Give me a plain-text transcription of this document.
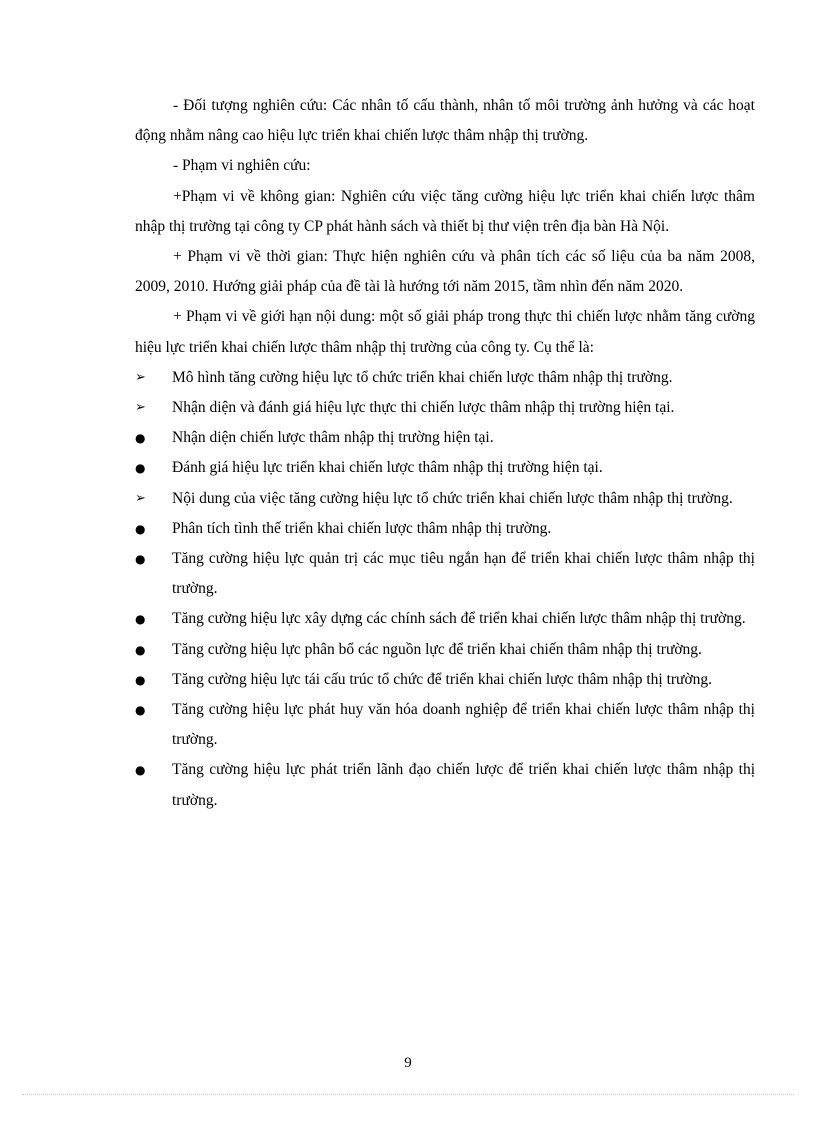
- Đối tượng nghiên cứu: Các nhân tố cấu thành, nhân tố môi trường ảnh hưởng và các hoạt động nhằm nâng cao hiệu lực triển khai chiến lược thâm nhập thị trường.

- Phạm vi nghiên cứu:

+Phạm vi về không gian: Nghiên cứu việc tăng cường hiệu lực triển khai chiến lược thâm nhập thị trường tại công ty CP phát hành sách và thiết bị thư viện trên địa bàn Hà Nội.

+ Phạm vi về thời gian: Thực hiện nghiên cứu và phân tích các số liệu của ba năm 2008, 2009, 2010. Hướng giải pháp của đề tài là hướng tới năm 2015, tầm nhìn đến năm 2020.

+ Phạm vi về giới hạn nội dung: một số giải pháp trong thực thi chiến lược nhằm tăng cường hiệu lực triển khai chiến lược thâm nhập thị trường của công ty. Cụ thể là:

➢	Mô hình tăng cường hiệu lực tổ chức triển khai chiến lược thâm nhập thị trường.
➢	Nhận diện và đánh giá hiệu lực thực thi chiến lược thâm nhập thị trường hiện tại.
●	Nhận diện chiến lược thâm nhập thị trường hiện tại.
●	Đánh giá hiệu lực triển khai chiến lược thâm nhập thị trường hiện tại.
➢	Nội dung của việc tăng cường hiệu lực tổ chức triển khai chiến lược thâm nhập thị trường.
●	Phân tích tình thế triển khai chiến lược thâm nhập thị trường.
●	Tăng cường hiệu lực quản trị các mục tiêu ngắn hạn để triển khai chiến lược thâm nhập thị trường.
●	Tăng cường hiệu lực xây dựng các chính sách để triển khai chiến lược thâm nhập thị trường.
●	Tăng cường hiệu lực phân bổ các nguồn lực để triển khai chiến thâm nhập thị trường.
●	Tăng cường hiệu lực tái cấu trúc tổ chức để triển khai chiến lược thâm nhập thị trường.
●	Tăng cường hiệu lực phát huy văn hóa doanh nghiệp để triển khai chiến lược thâm nhập thị trường.
●	Tăng cường hiệu lực phát triển lãnh đạo chiến lược để triển khai chiến lược thâm nhập thị trường.
9
